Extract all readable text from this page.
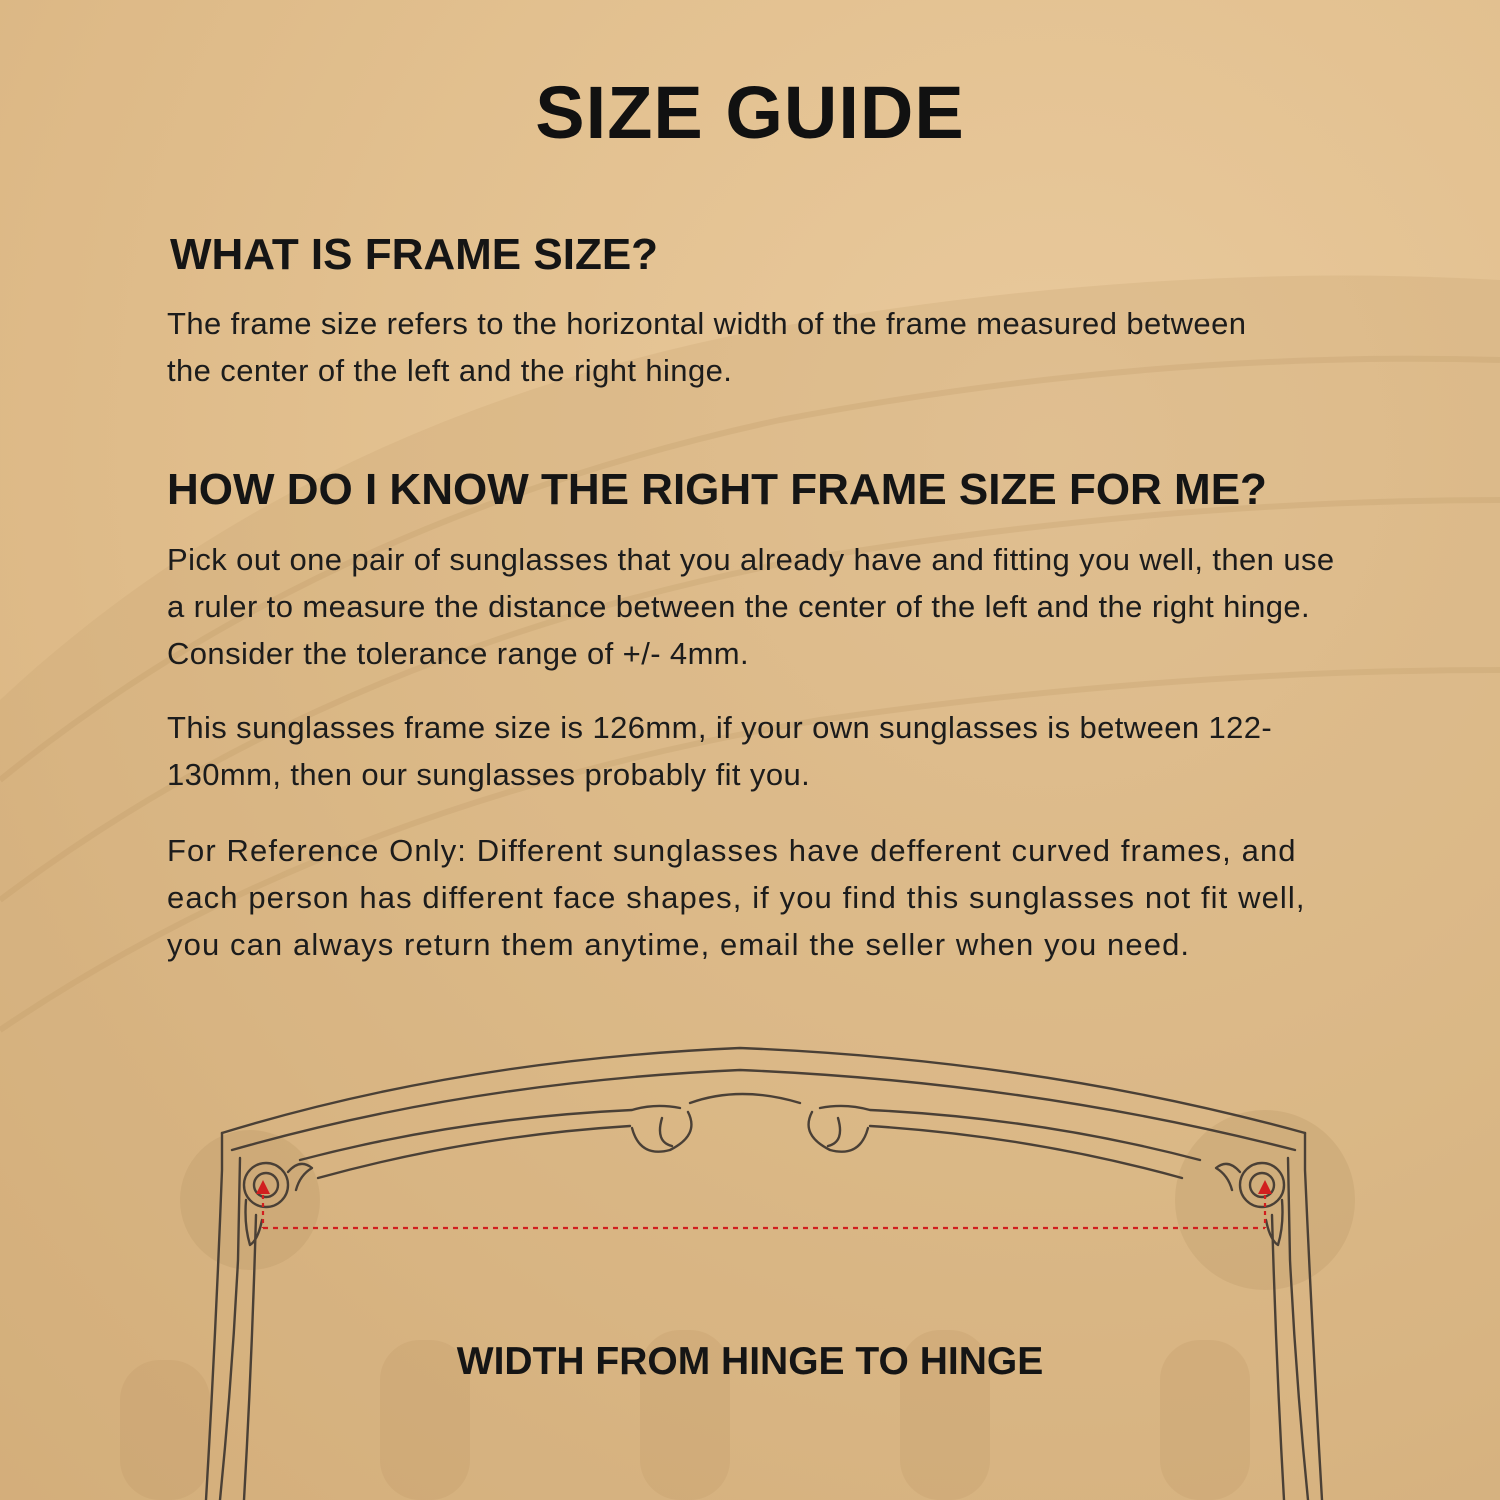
SIZE GUIDE
WHAT IS FRAME SIZE?

The frame size refers to the horizontal width of the frame measured between the center of the left and the right hinge.

HOW DO I KNOW THE RIGHT FRAME SIZE FOR ME?

Pick out one pair of sunglasses that you already have and fitting you well, then use a ruler to measure the distance between the center of the left and the right hinge.    Consider the tolerance range of +/- 4mm.

This sunglasses frame size is 126mm, if your own sunglasses is between 122-130mm, then our sunglasses probably fit you.

For Reference Only: Different sunglasses have defferent curved frames, and each person has different face shapes, if you find this sunglasses not fit well, you can always return them anytime, email the seller when you need.

WIDTH FROM HINGE TO HINGE
